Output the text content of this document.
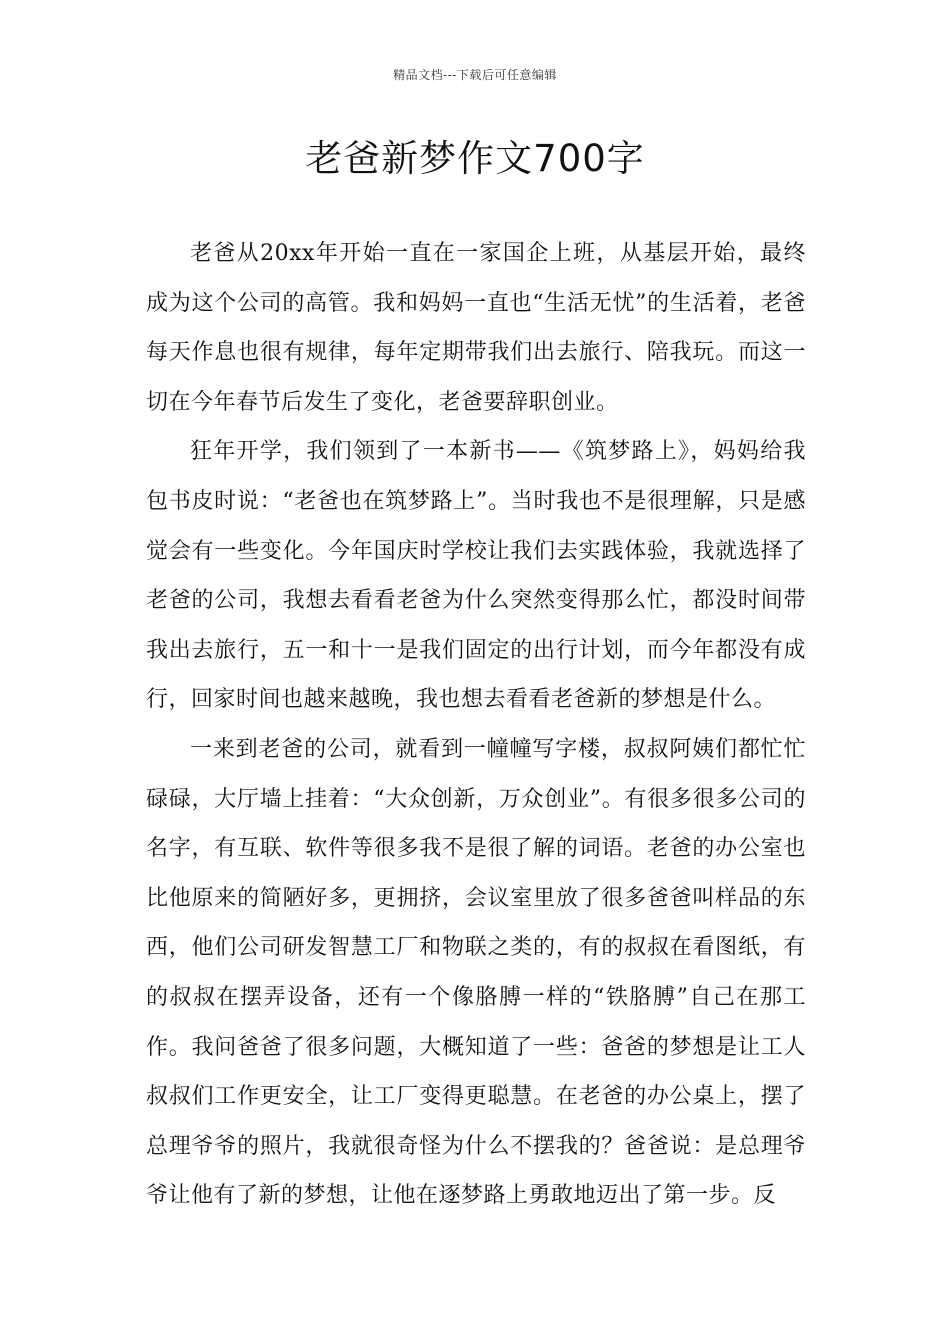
精品文档---下载后可任意编辑
老爸新梦作文700字

老爸从20xx年开始一直在一家国企上班，从基层开始，最终成为这个公司的高管。我和妈妈一直也“生活无忧”的生活着，老爸每天作息也很有规律，每年定期带我们出去旅行、陪我玩。而这一切在今年春节后发生了变化，老爸要辞职创业。

狂年开学，我们领到了一本新书——《筑梦路上》，妈妈给我包书皮时说：“老爸也在筑梦路上”。当时我也不是很理解，只是感觉会有一些变化。今年国庆时学校让我们去实践体验，我就选择了老爸的公司，我想去看看老爸为什么突然变得那么忙，都没时间带我出去旅行，五一和十一是我们固定的出行计划，而今年都没有成行，回家时间也越来越晚，我也想去看看老爸新的梦想是什么。

一来到老爸的公司，就看到一幢幢写字楼，叔叔阿姨们都忙忙碌碌，大厅墙上挂着：“大众创新，万众创业”。有很多很多公司的名字，有互联、软件等很多我不是很了解的词语。老爸的办公室也比他原来的简陋好多，更拥挤，会议室里放了很多爸爸叫样品的东西，他们公司研发智慧工厂和物联之类的，有的叔叔在看图纸，有的叔叔在摆弄设备，还有一个像胳膊一样的“铁胳膊”自己在那工作。我问爸爸了很多问题，大概知道了一些：爸爸的梦想是让工人叔叔们工作更安全，让工厂变得更聪慧。在老爸的办公桌上，摆了总理爷爷的照片，我就很奇怪为什么不摆我的？爸爸说：是总理爷爷让他有了新的梦想，让他在逐梦路上勇敢地迈出了第一步。反
